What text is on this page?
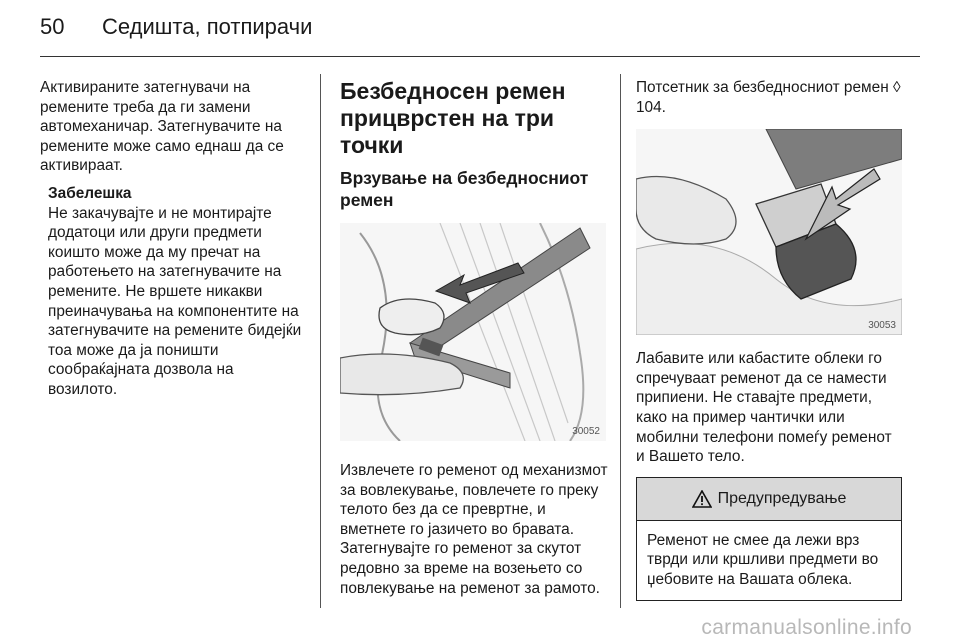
50	Седишта, потпирачи

Активираните затегнувачи на ремените треба да ги замени автомеханичар. Затегнувачите на ремените може само еднаш да се активираат.

Забелешка

Не закачувајте и не монтирајте додатоци или други предмети коишто може да му пречат на работењето на затегнувачите на ремените. Не вршете никакви преиначувања на компонентите на затегнувачите на ремените бидејќи тоа може да ја поништи сообраќајната дозвола на возилото.

Безбедносен ремен прицврстен на три точки
Врзување на безбедносниот ремен
30052

Извлечете го ременот од механизмот за вовлекување, повлечете го преку телото без да се превртне, и вметнете го јазичето во бравата. Затегнувајте го ременот за скутот редовно за време на возењето со повлекување на ременот за рамото.

Потсетник за безбедносниот ремен ◊ 104.

30053

Лабавите или кабастите облеки го спречуваат ременот да се намести припиени. Не ставајте предмети, како на пример чантички или мобилни телефони помеѓу ременот и Вашето тело.

Предупредување

Ременот не смее да лежи врз тврди или кршливи предмети во џебовите на Вашата облека.

carmanualsonline.info
